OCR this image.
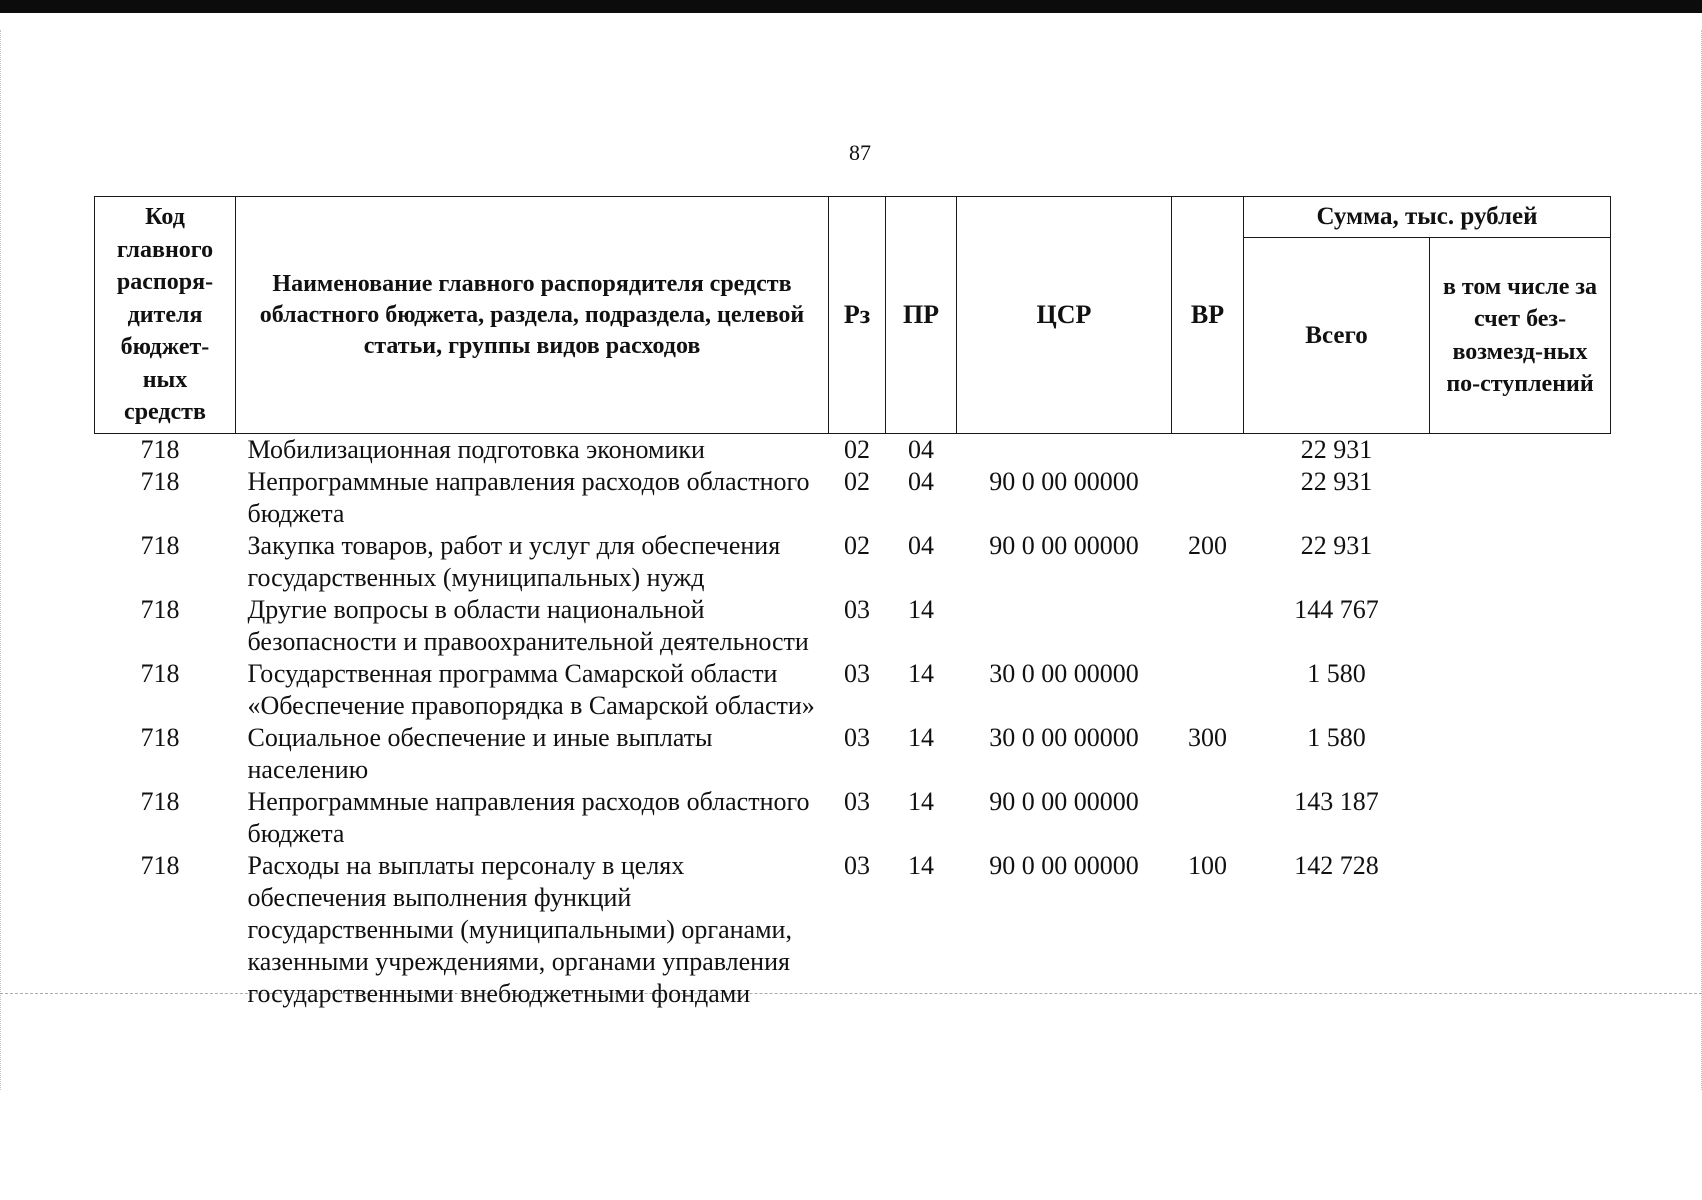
87
Код главного распоря-дителя бюджет-ных средств	Наименование главного распорядителя средств областного бюджета, раздела, подраздела, целевой статьи, группы видов расходов	Рз	ПР	ЦСР	ВР	Сумма, тыс. рублей	
						Всего	в том числе за счет без-возмезд-ных по-ступлений
718	Мобилизационная подготовка экономики	02	04			22 931	
718	Непрограммные направления расходов областного бюджета	02	04	90 0 00 00000		22 931	
718	Закупка товаров, работ и услуг для обеспечения государственных (муниципальных) нужд	02	04	90 0 00 00000	200	22 931	
718	Другие вопросы в области национальной безопасности и правоохранительной деятельности	03	14			144 767	
718	Государственная программа Самарской области «Обеспечение правопорядка в Самарской области»	03	14	30 0 00 00000		1 580	
718	Социальное обеспечение и иные выплаты населению	03	14	30 0 00 00000	300	1 580	
718	Непрограммные направления расходов областного бюджета	03	14	90 0 00 00000		143 187	
718	Расходы на выплаты персоналу в целях обеспечения выполнения функций государственными (муниципальными) органами, казенными учреждениями, органами управления государственными внебюджетными фондами	03	14	90 0 00 00000	100	142 728	
